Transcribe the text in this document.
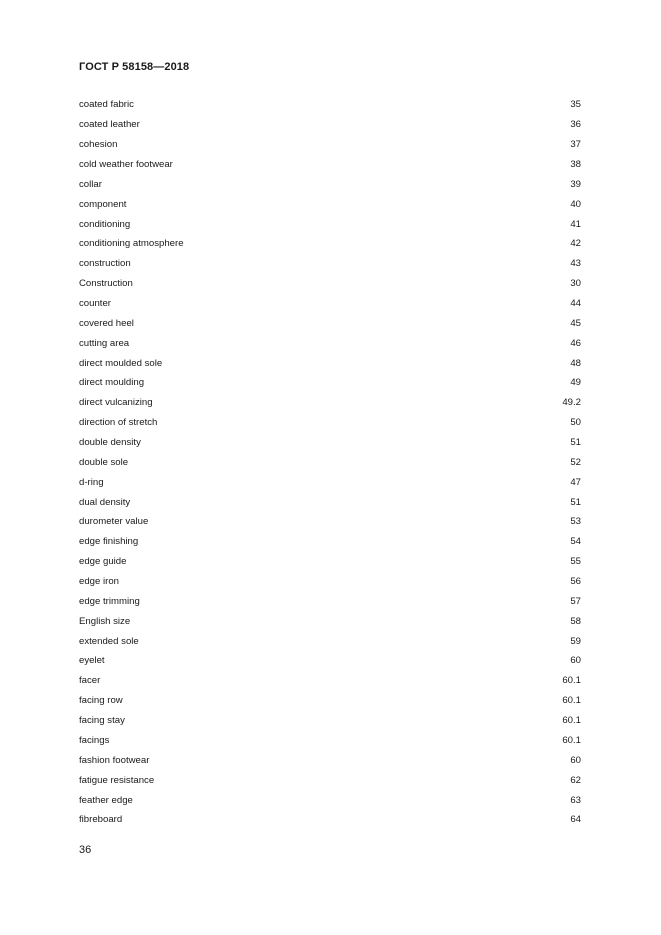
ГОСТ Р 58158—2018
coated fabric	35
coated leather	36
cohesion	37
cold weather footwear	38
collar	39
component	40
conditioning	41
conditioning atmosphere	42
construction	43
Construction	30
counter	44
covered heel	45
cutting area	46
direct moulded sole	48
direct moulding	49
direct vulcanizing	49.2
direction of stretch	50
double density	51
double sole	52
d-ring	47
dual density	51
durometer value	53
edge finishing	54
edge guide	55
edge iron	56
edge trimming	57
English size	58
extended sole	59
eyelet	60
facer	60.1
facing row	60.1
facing stay	60.1
facings	60.1
fashion footwear	60
fatigue resistance	62
feather edge	63
fibreboard	64
36
